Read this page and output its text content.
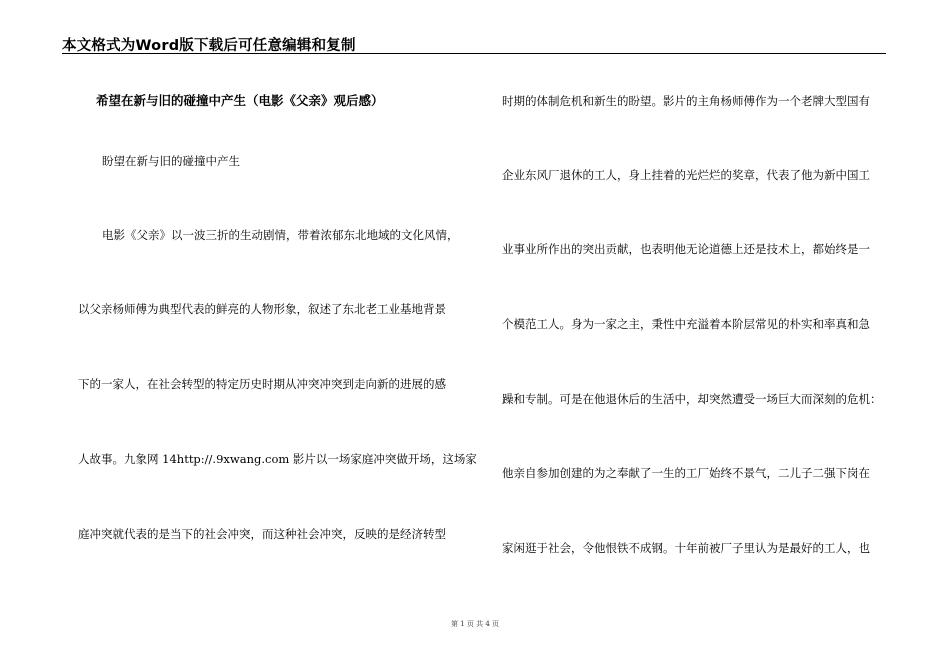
本文格式为Word版下载后可任意编辑和复制
希望在新与旧的碰撞中产生（电影《父亲》观后感）
盼望在新与旧的碰撞中产生
电影《父亲》以一波三折的生动剧情，带着浓郁东北地域的文化风情，
以父亲杨师傅为典型代表的鲜亮的人物形象，叙述了东北老工业基地背景
下的一家人，在社会转型的特定历史时期从冲突冲突到走向新的进展的感
人故事。九象网 14http://.9xwang.com 影片以一场家庭冲突做开场，这场家
庭冲突就代表的是当下的社会冲突，而这种社会冲突，反映的是经济转型
时期的体制危机和新生的盼望。影片的主角杨师傅作为一个老牌大型国有
企业东风厂退休的工人，身上挂着的光烂烂的奖章，代表了他为新中国工
业事业所作出的突出贡献，也表明他无论道德上还是技术上，都始终是一
个模范工人。身为一家之主，秉性中充溢着本阶层常见的朴实和率真和急
躁和专制。可是在他退休后的生活中，却突然遭受一场巨大而深刻的危机：
他亲自参加创建的为之奉献了一生的工厂始终不景气，二儿子二强下岗在
家闲逛于社会，令他恨铁不成钢。十年前被厂子里认为是最好的工人，也
第 1 页 共 4 页
